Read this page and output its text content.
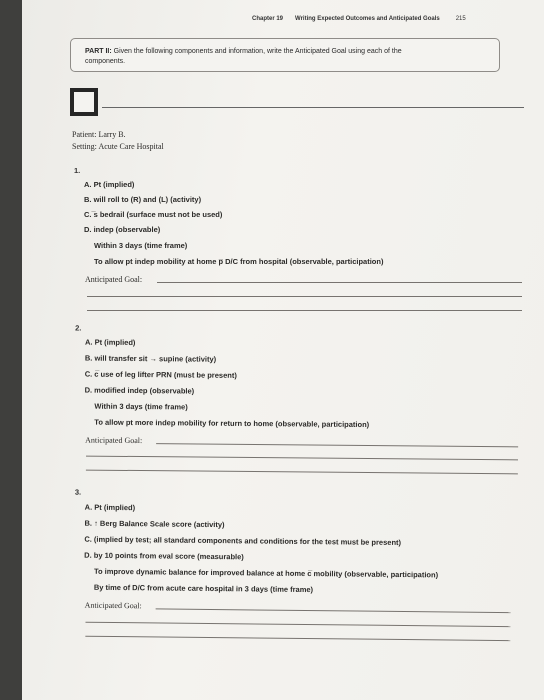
Chapter 19 Writing Expected Outcomes and Anticipated Goals	215
PART II: Given the following components and information, write the Anticipated Goal using each of the
components.
Patient: Larry B.
Setting: Acute Care Hospital
1.
A. Pt (implied)
B. will roll to (R) and (L) (activity)
C. ̅s bedrail (surface must not be used)
D. indep (observable)
Within 3 days (time frame)
To allow pt indep mobility at home p̅ D/C from hospital (observable, participation)
Anticipated Goal:
2.
A. Pt (implied)
B. will transfer sit → supine (activity)
C. c̅ use of leg lifter PRN (must be present)
D. modified indep (observable)
Within 3 days (time frame)
To allow pt more indep mobility for return to home (observable, participation)
Anticipated Goal:
3.
A. Pt (implied)
B. ↑ Berg Balance Scale score (activity)
C. (implied by test; all standard components and conditions for the test must be present)
D. by 10 points from eval score (measurable)
To improve dynamic balance for improved balance at home c̅ mobility (observable, participation)
By time of D/C from acute care hospital in 3 days (time frame)
Anticipated Goal:
